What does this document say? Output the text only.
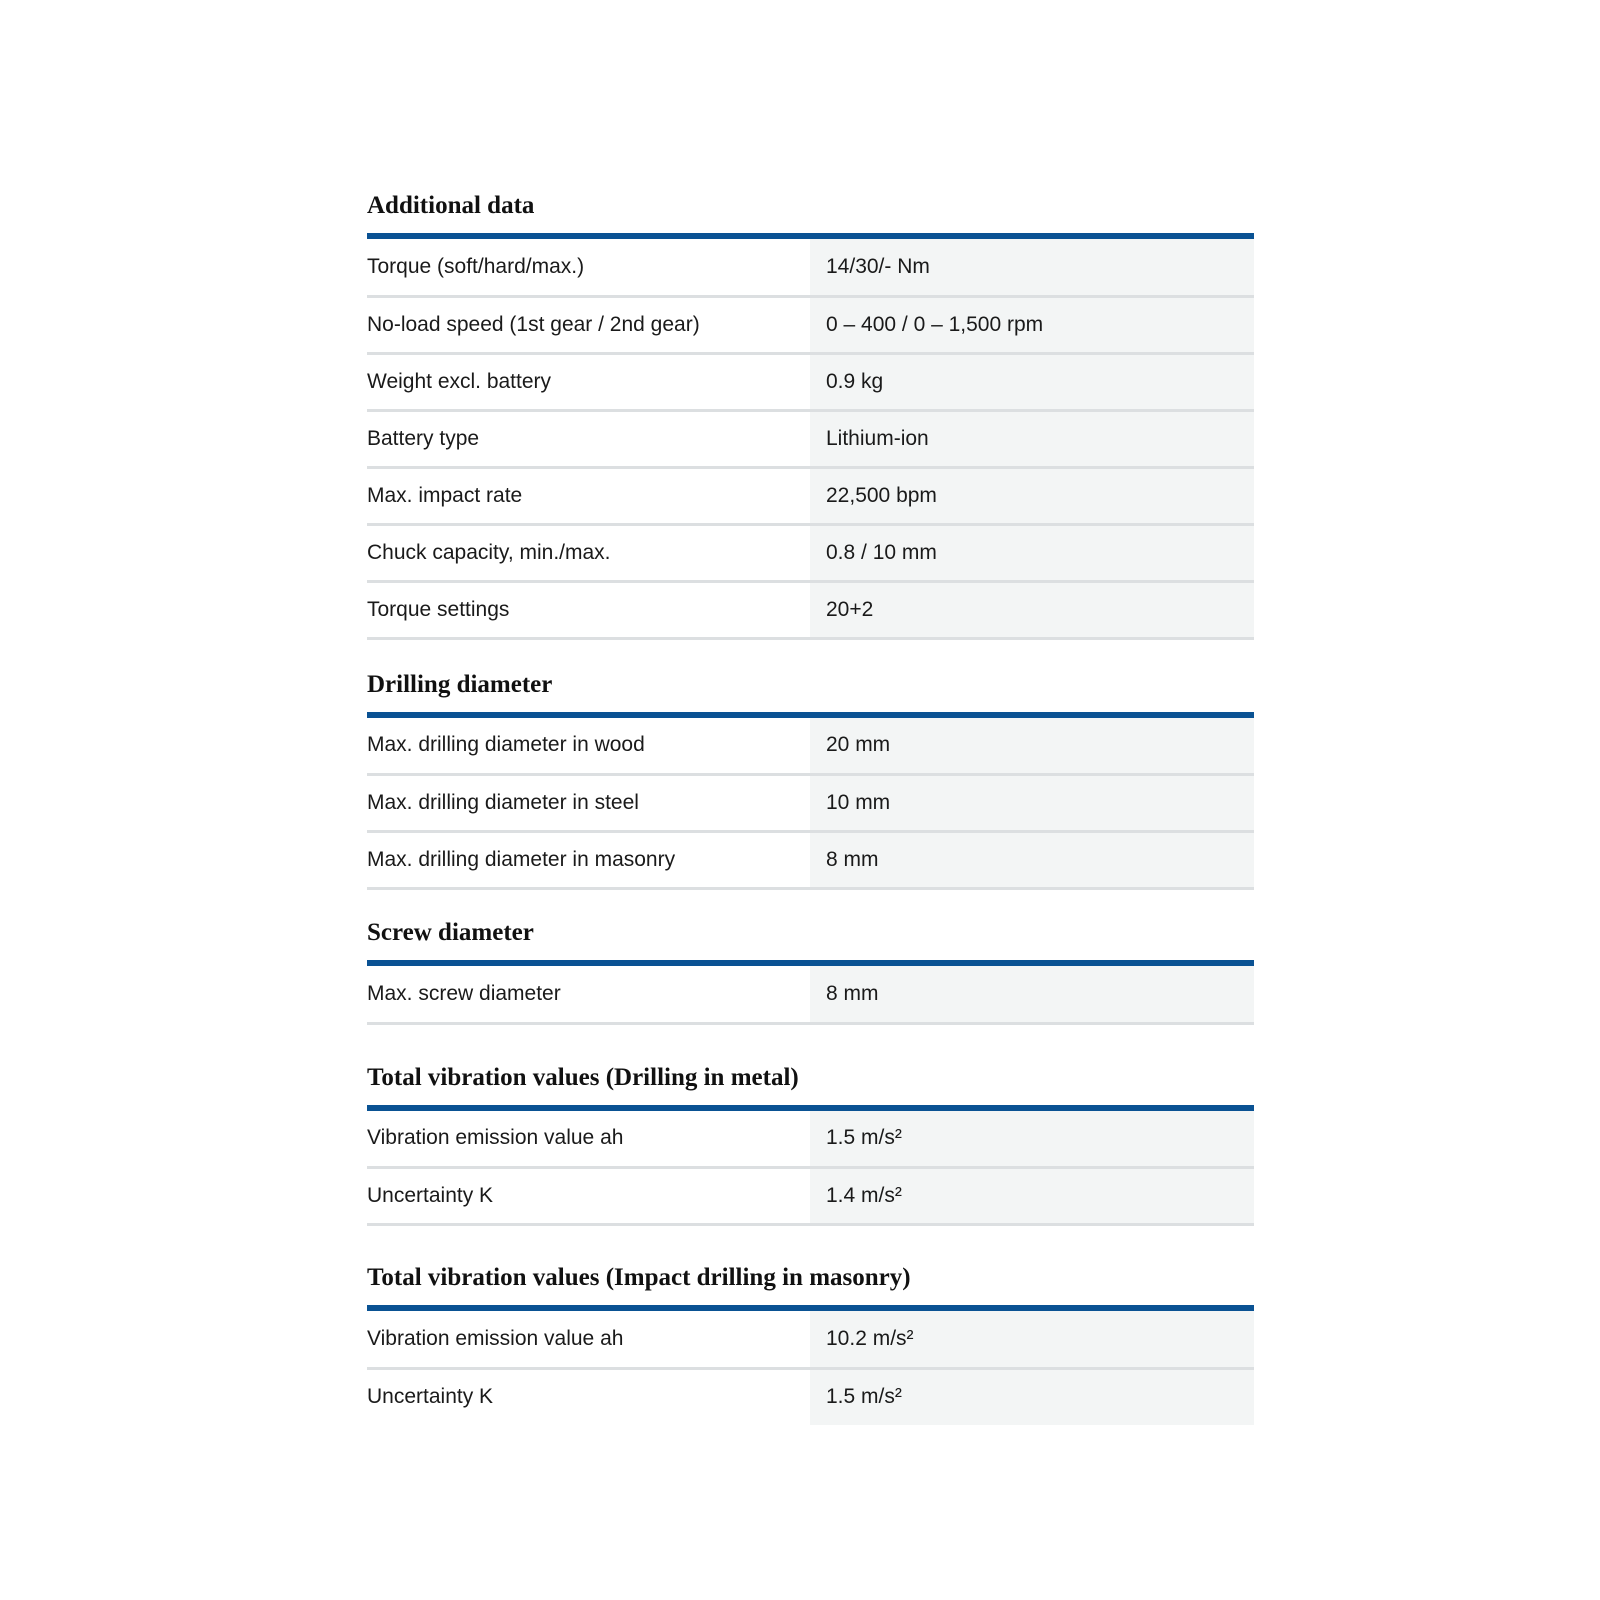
Additional data
Torque (soft/hard/max.)	14/30/- Nm
No-load speed (1st gear / 2nd gear)	0 – 400 / 0 – 1,500 rpm
Weight excl. battery	0.9 kg
Battery type	Lithium-ion
Max. impact rate	22,500 bpm
Chuck capacity, min./max.	0.8 / 10 mm
Torque settings	20+2
Drilling diameter
Max. drilling diameter in wood	20 mm
Max. drilling diameter in steel	10 mm
Max. drilling diameter in masonry	8 mm
Screw diameter
Max. screw diameter	8 mm
Total vibration values (Drilling in metal)
Vibration emission value ah	1.5 m/s²
Uncertainty K	1.4 m/s²
Total vibration values (Impact drilling in masonry)
Vibration emission value ah	10.2 m/s²
Uncertainty K	1.5 m/s²
